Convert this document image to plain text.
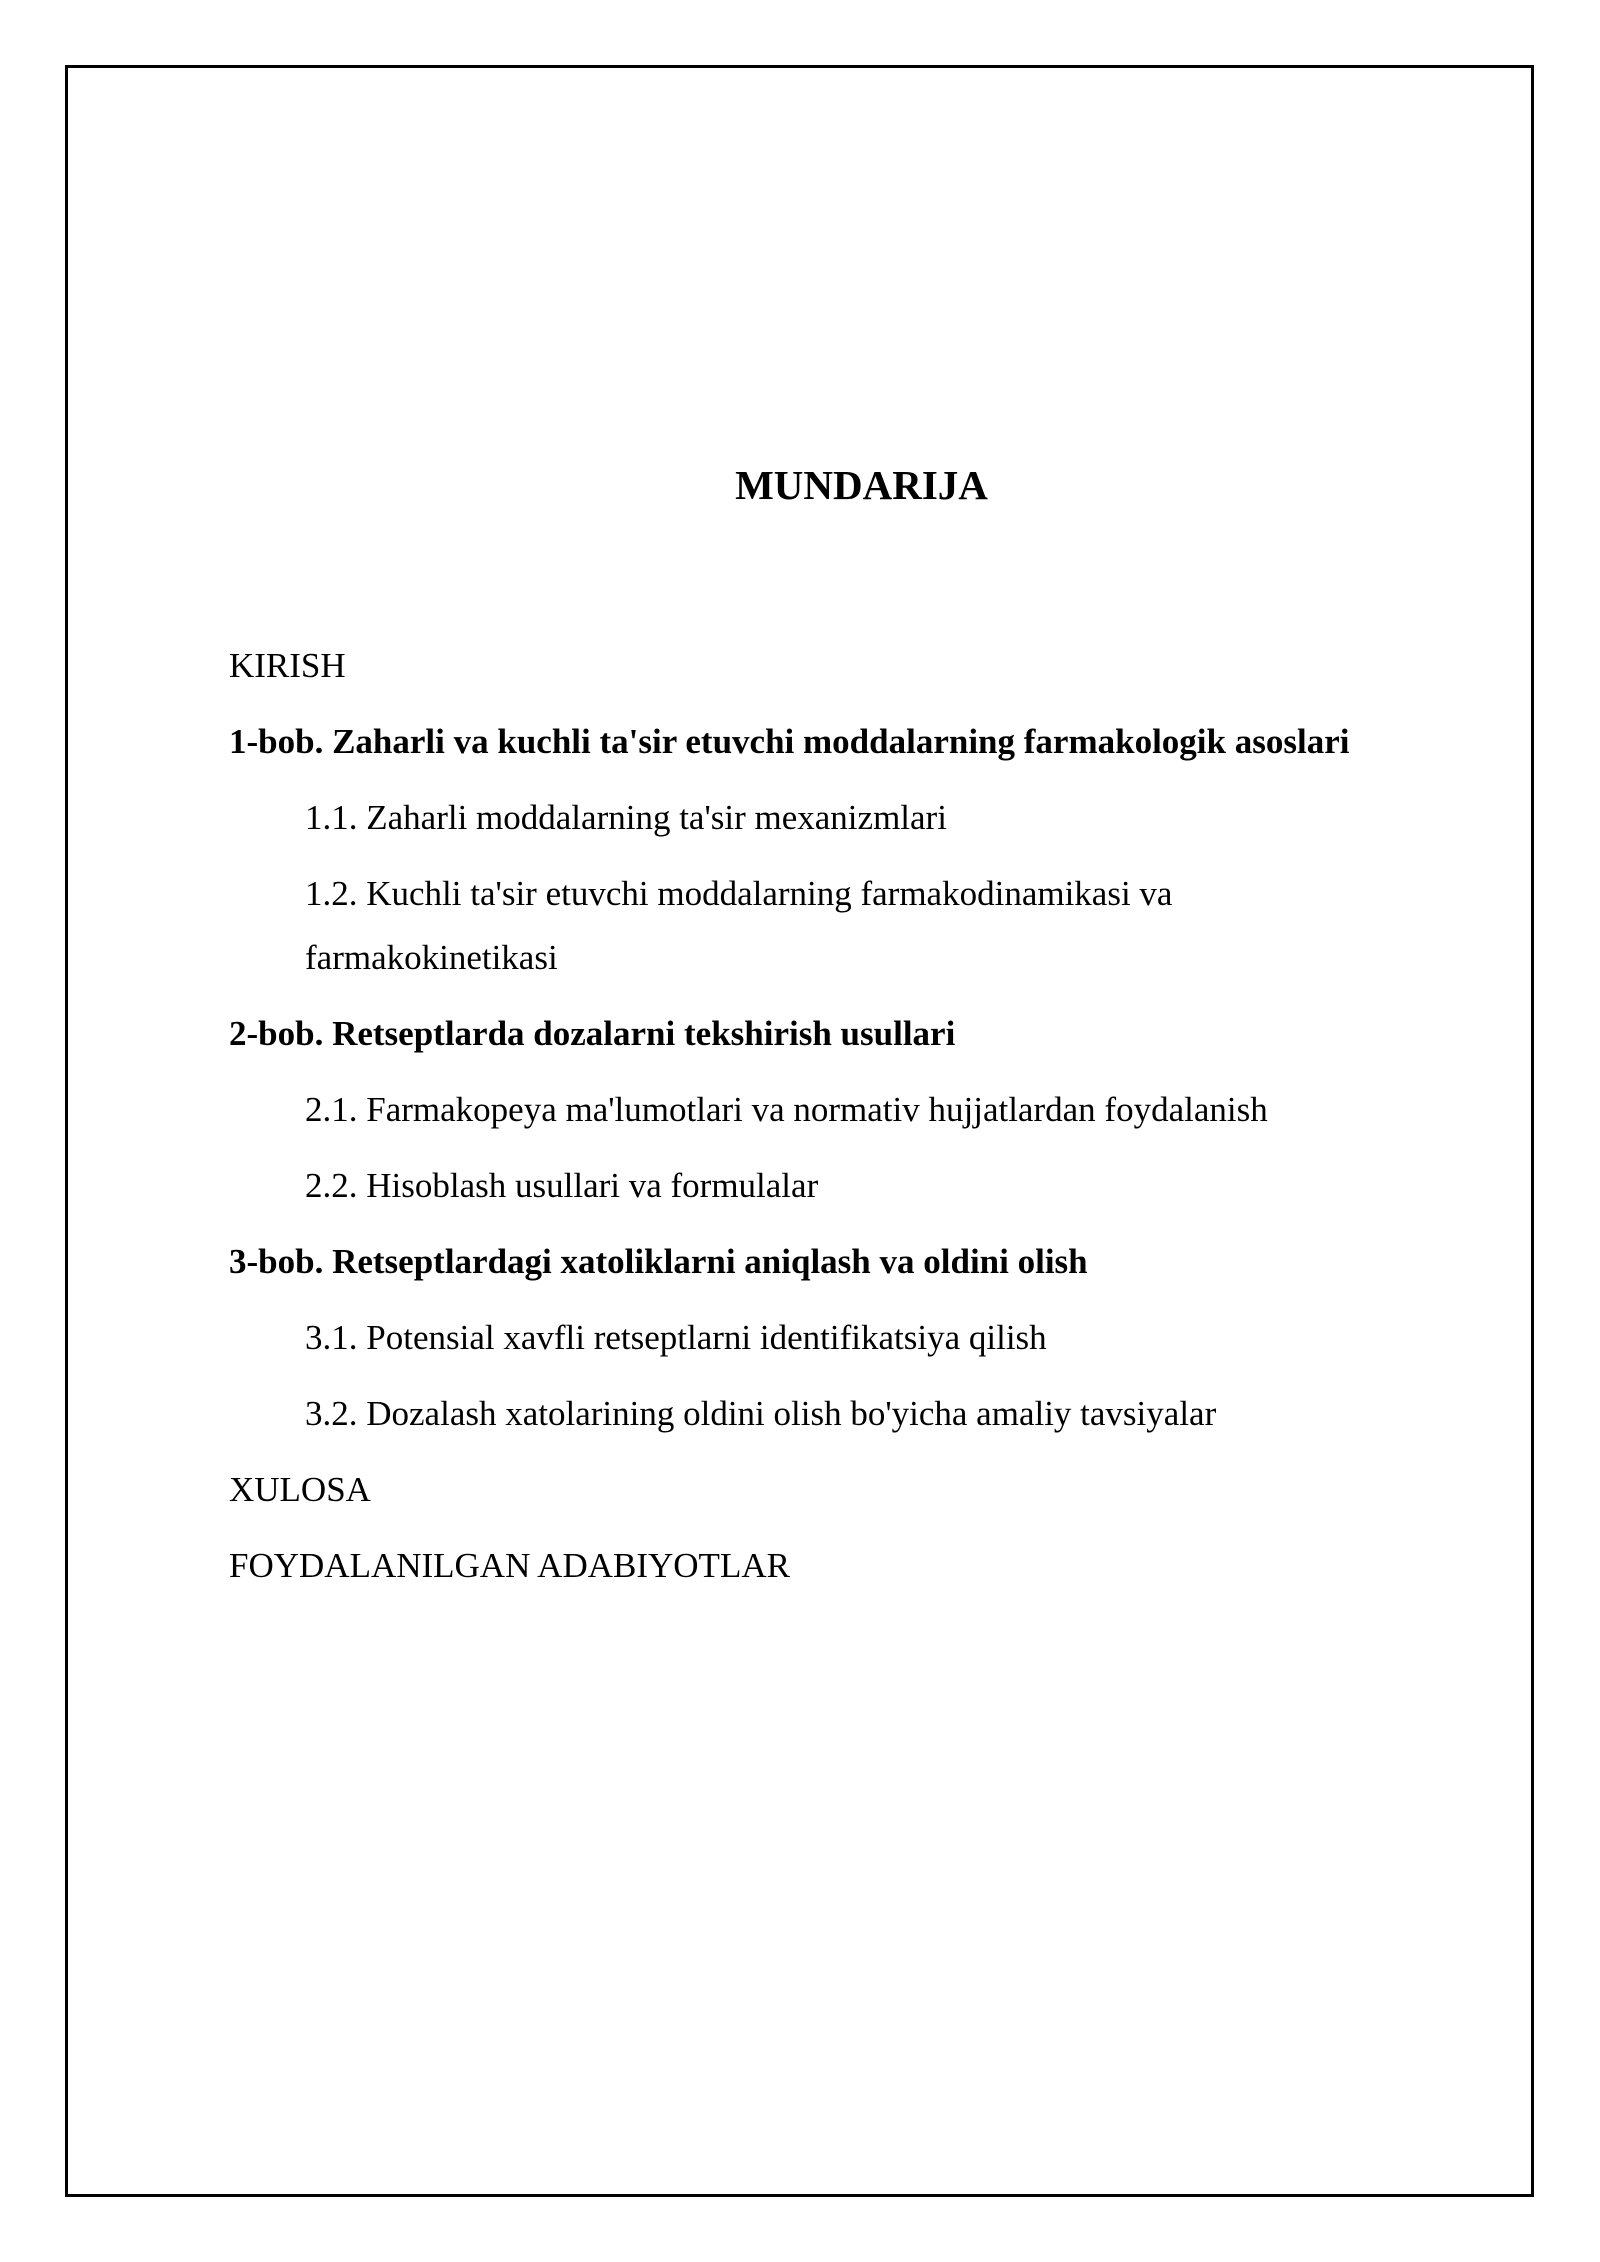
MUNDARIJA
KIRISH
1-bob. Zaharli va kuchli ta'sir etuvchi moddalarning farmakologik asoslari
1.1. Zaharli moddalarning ta'sir mexanizmlari
1.2. Kuchli ta'sir etuvchi moddalarning farmakodinamikasi va
farmakokinetikasi
2-bob. Retseptlarda dozalarni tekshirish usullari
2.1. Farmakopeya ma'lumotlari va normativ hujjatlardan foydalanish
2.2. Hisoblash usullari va formulalar
3-bob. Retseptlardagi xatoliklarni aniqlash va oldini olish
3.1. Potensial xavfli retseptlarni identifikatsiya qilish
3.2. Dozalash xatolarining oldini olish bo'yicha amaliy tavsiyalar
XULOSA
FOYDALANILGAN ADABIYOTLAR
